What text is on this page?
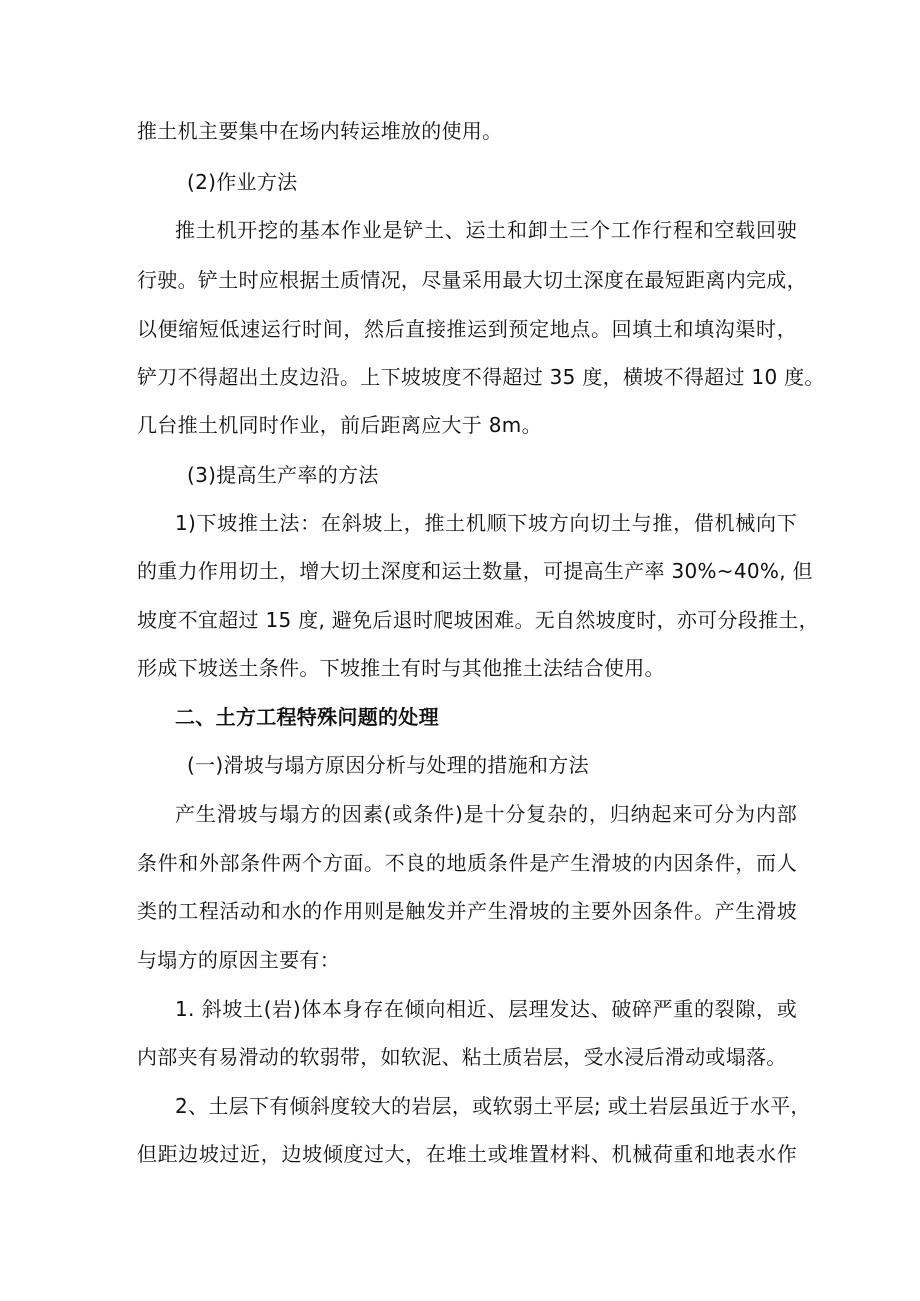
推土机主要集中在场内转运堆放的使用。
(2)作业方法
推土机开挖的基本作业是铲土、运土和卸土三个工作行程和空载回驶
行驶。铲土时应根据土质情况，尽量采用最大切土深度在最短距离内完成，
以便缩短低速运行时间，然后直接推运到预定地点。回填土和填沟渠时，
铲刀不得超出土皮边沿。上下坡坡度不得超过 35 度，横坡不得超过 10 度。
几台推土机同时作业，前后距离应大于 8m。
(3)提高生产率的方法
1)下坡推土法：在斜坡上，推土机顺下坡方向切土与推，借机械向下
的重力作用切土，增大切土深度和运土数量，可提高生产率 30%~40%, 但
坡度不宜超过 15 度, 避免后退时爬坡困难。无自然坡度时，亦可分段推土，
形成下坡送土条件。下坡推土有时与其他推土法结合使用。
二、土方工程特殊问题的处理
(一)滑坡与塌方原因分析与处理的措施和方法
产生滑坡与塌方的因素(或条件)是十分复杂的，归纳起来可分为内部
条件和外部条件两个方面。不良的地质条件是产生滑坡的内因条件，而人
类的工程活动和水的作用则是触发并产生滑坡的主要外因条件。产生滑坡
与塌方的原因主要有：
1. 斜坡土(岩)体本身存在倾向相近、层理发达、破碎严重的裂隙，或
内部夹有易滑动的软弱带，如软泥、粘土质岩层，受水浸后滑动或塌落。
2、土层下有倾斜度较大的岩层，或软弱土平层; 或土岩层虽近于水平，
但距边坡过近，边坡倾度过大，在堆土或堆置材料、机械荷重和地表水作
